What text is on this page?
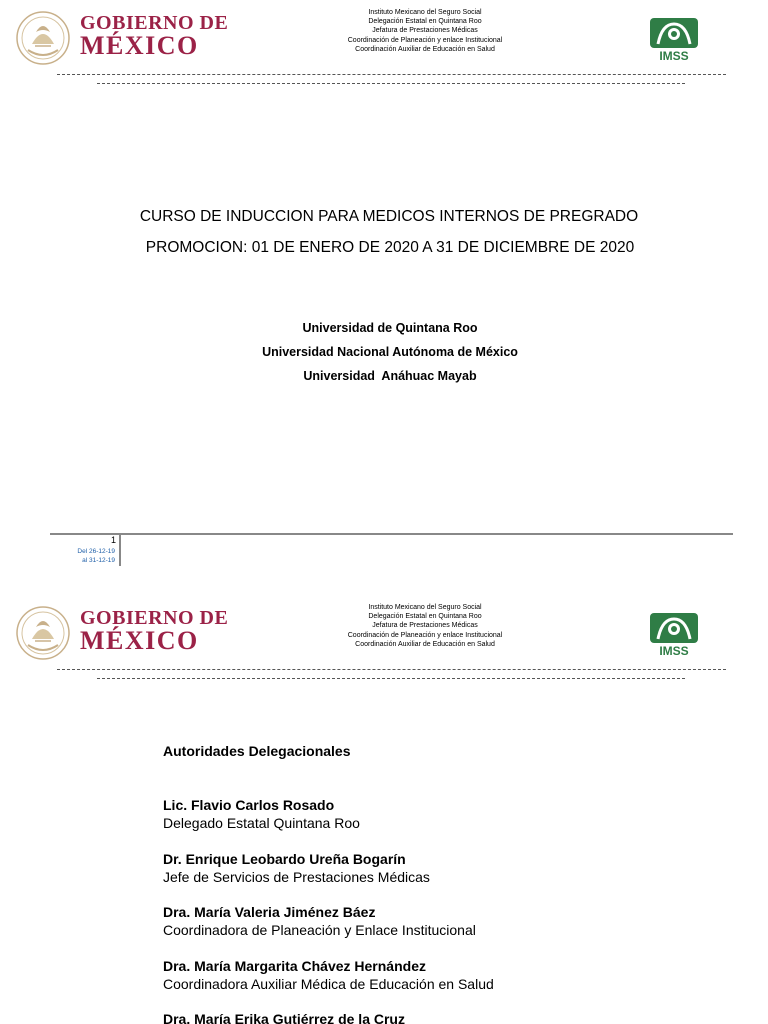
GOBIERNO DE
MÉXICO
Instituto Mexicano del Seguro Social
Delegación Estatal en Quintana Roo
Jefatura de Prestaciones Médicas
Coordinación de Planeación y enlace Institucional
Coordinación Auxiliar de Educación en Salud	IMSS
CURSO DE INDUCCION PARA MEDICOS INTERNOS DE PREGRADO
PROMOCION: 01 DE ENERO DE 2020 A 31 DE DICIEMBRE DE 2020
Universidad de Quintana Roo
Universidad Nacional Autónoma de México
Universidad  Anáhuac Mayab
1
Del 26-12-19
al 31-12-19
GOBIERNO DE
MÉXICO
Instituto Mexicano del Seguro Social
Delegación Estatal en Quintana Roo
Jefatura de Prestaciones Médicas
Coordinación de Planeación y enlace Institucional
Coordinación Auxiliar de Educación en Salud	IMSS
Autoridades Delegacionales
Lic. Flavio Carlos Rosado
Delegado Estatal Quintana Roo
Dr. Enrique Leobardo Ureña Bogarín
Jefe de Servicios de Prestaciones Médicas
Dra. María Valeria Jiménez Báez
Coordinadora de Planeación y Enlace Institucional
Dra. María Margarita Chávez Hernández
Coordinadora Auxiliar Médica de Educación en Salud
Dra. María Erika Gutiérrez de la Cruz
